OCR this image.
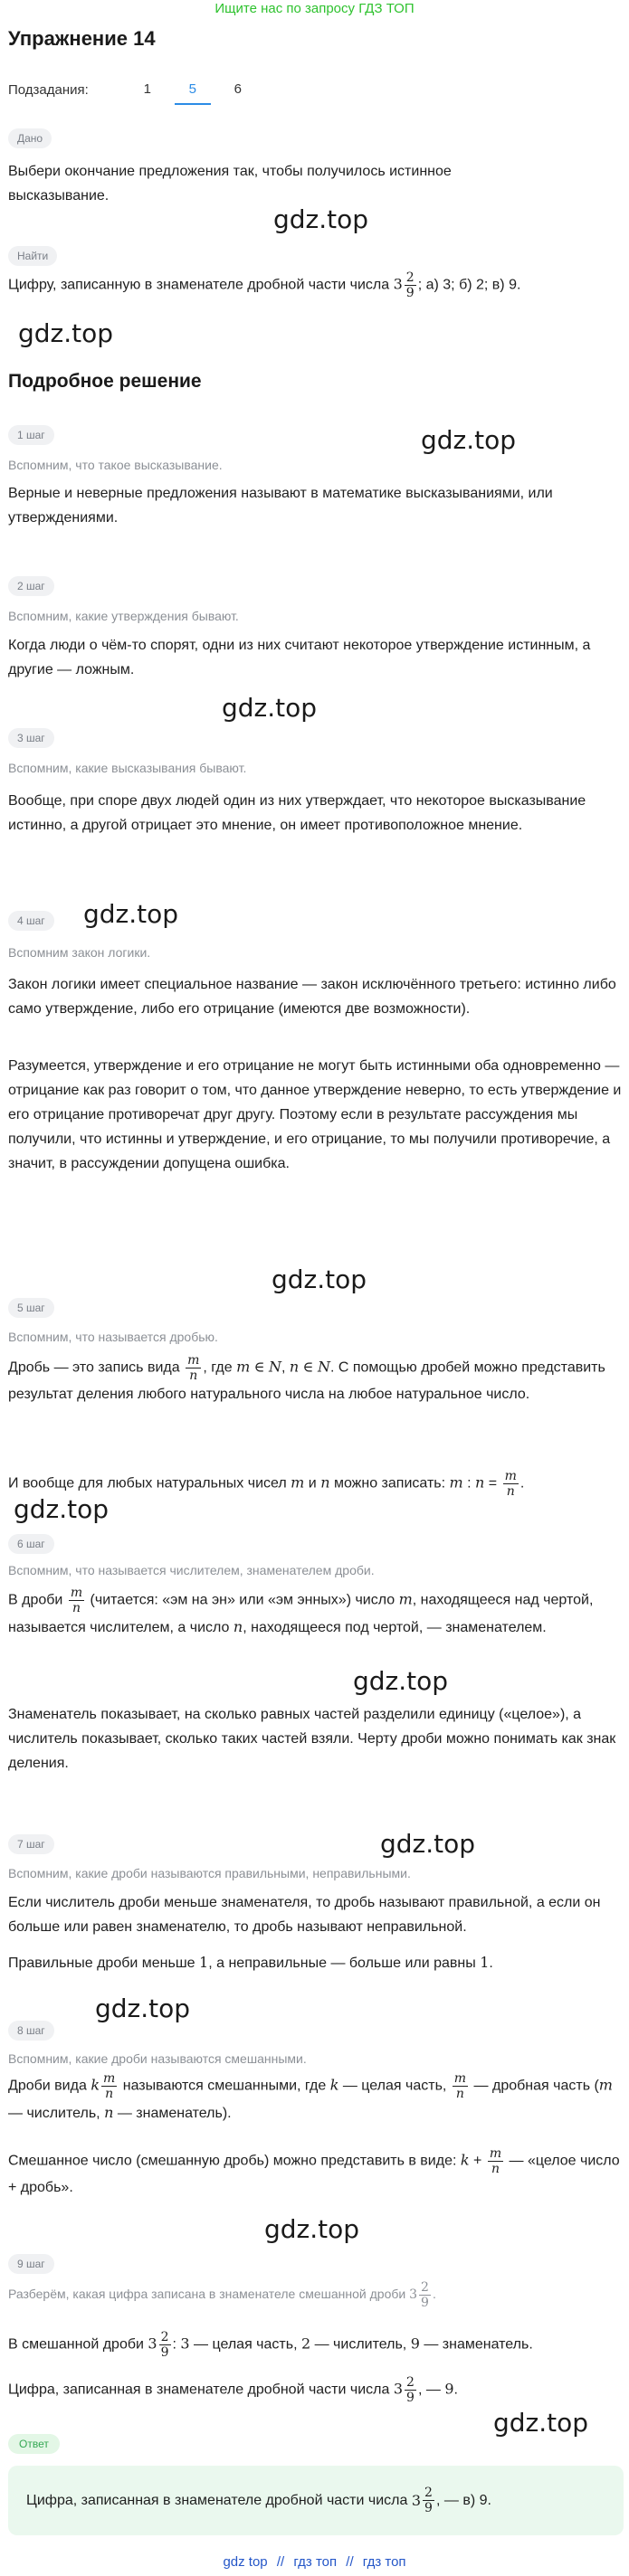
Ищите нас по запросу ГДЗ ТОП
Упражнение 14
Подзадания:	1	5	6
Дано
Выбери окончание предложения так, чтобы получилось истинное высказывание.
gdz.top
Найти
Цифру, записанную в знаменателе дробной части числа $3 \frac{2}{9}$ ; а) 3; б) 2; в) 9.
gdz.top
Подробное решение
gdz.top
1 шаг
Вспомним, что такое высказывание.
Верные и неверные предложения называют в математике высказываниями, или утверждениями.
2 шаг
Вспомним, какие утверждения бывают.
Когда люди о чём-то спорят, одни из них считают некоторое утверждение истинным, а другие — ложным.
gdz.top
3 шаг
Вспомним, какие высказывания бывают.
Вообще, при споре двух людей один из них утверждает, что некоторое высказывание истинно, а другой отрицает это мнение, он имеет противоположное мнение.
gdz.top
4 шаг
Вспомним закон логики.
Закон логики имеет специальное название — закон исключённого третьего: истинно либо само утверждение, либо его отрицание (имеются две возможности).
Разумеется, утверждение и его отрицание не могут быть истинными оба одновременно — отрицание как раз говорит о том, что данное утверждение неверно, то есть утверждение и его отрицание противоречат друг другу. Поэтому если в результате рассуждения мы получили, что истинны и утверждение, и его отрицание, то мы получили противоречие, а значит, в рассуждении допущена ошибка.
gdz.top
5 шаг
Вспомним, что называется дробью.
Дробь — это запись вида $\frac{m}{n}$ , где m ∈ N, n ∈ N. С помощью дробей можно представить результат деления любого натурального числа на любое натуральное число.
И вообще для любых натуральных чисел m и n можно записать: m : $n = \frac{m}{n}$ .
gdz.top
6 шаг
Вспомним, что называется числителем, знаменателем дроби.
В дроби $\frac{m}{n}$ (читается: «эм на эн» или «эм энных») число m, находящееся над чертой, называется числителем, а число n, находящееся под чертой, — знаменателем.
gdz.top
Знаменатель показывает, на сколько равных частей разделили единицу («целое»), а числитель показывает, сколько таких частей взяли. Черту дроби можно понимать как знак деления.
gdz.top
7 шаг
Вспомним, какие дроби называются правильными, неправильными.
Если числитель дроби меньше знаменателя, то дробь называют правильной, а если он больше или равен знаменателю, то дробь называют неправильной.
Правильные дроби меньше 1, а неправильные — больше или равны 1.
gdz.top
8 шаг
Вспомним, какие дроби называются смешанными.
Дроби вида k $\frac{m}{n}$ называются смешанными, где k — целая часть, $\frac{m}{n}$ — дробная часть (m — числитель, n — знаменатель).
Смешанное число (смешанную дробь) можно представить в виде: $k + \frac{m}{n}$ — «целое число + дробь».
gdz.top
9 шаг
Разберём, какая цифра записана в знаменателе смешанной дроби $3 \frac{2}{9}$ .
В смешанной дроби $3 \frac{2}{9}$ : 3 — целая часть, 2 — числитель, 9 — знаменатель.
Цифра, записанная в знаменателе дробной части числа $3 \frac{2}{9}$ , — 9.
gdz.top
Ответ
Цифра, записанная в знаменателе дробной части числа
$3 \frac{2}{9}$ , — в) 9.
gdz top // гдз топ // гдз топ
